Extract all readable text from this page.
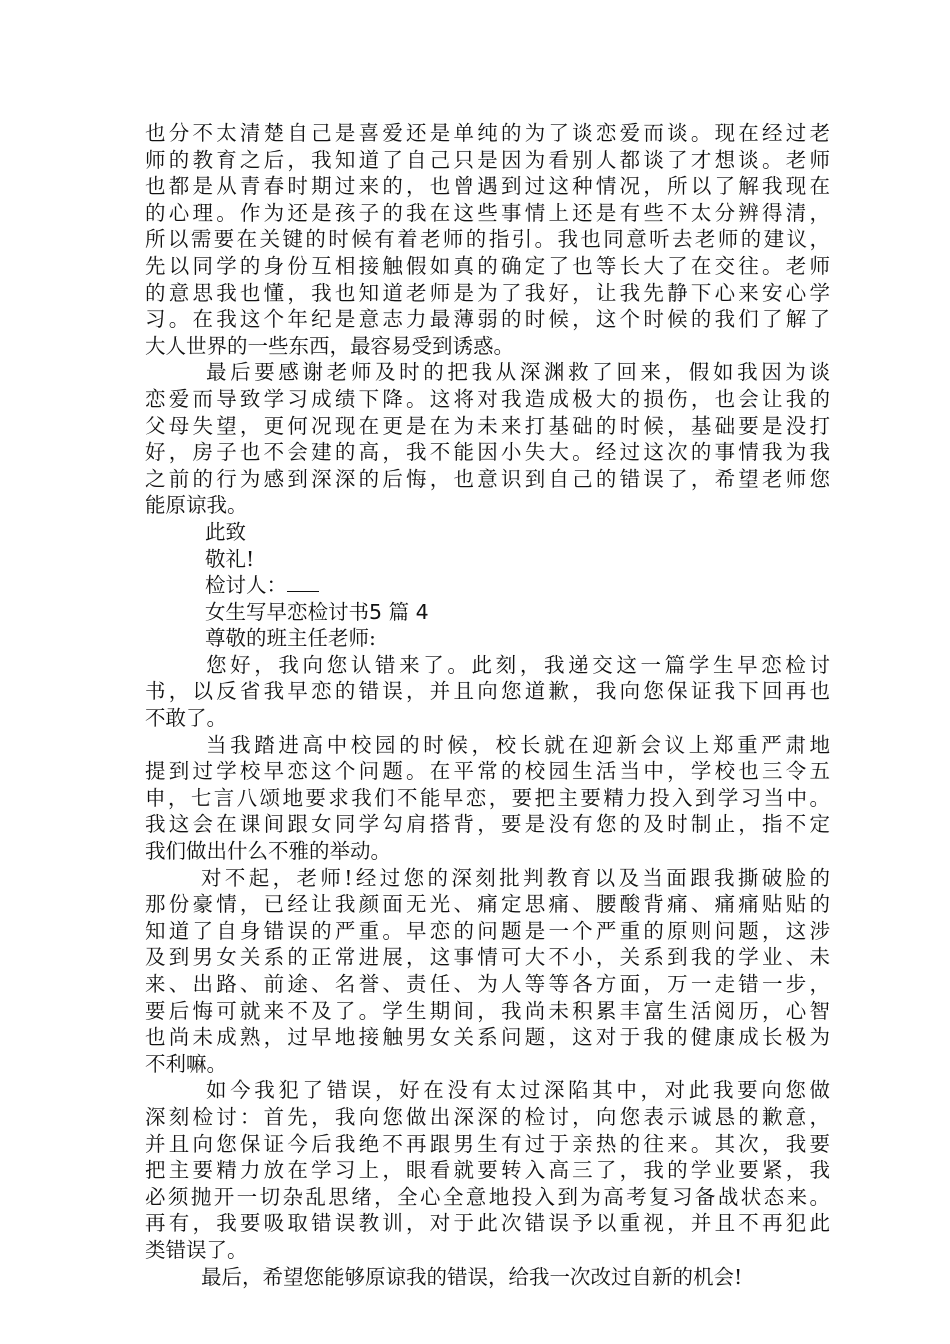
也分不太清楚自己是喜爱还是单纯的为了谈恋爱而谈。现在经过老
师的教育之后，我知道了自己只是因为看别人都谈了才想谈。老师
也都是从青春时期过来的，也曾遇到过这种情况，所以了解我现在
的心理。作为还是孩子的我在这些事情上还是有些不太分辨得清，
所以需要在关键的时候有着老师的指引。我也同意听去老师的建议，
先以同学的身份互相接触假如真的确定了也等长大了在交往。老师
的意思我也懂，我也知道老师是为了我好，让我先静下心来安心学
习。在我这个年纪是意志力最薄弱的时候，这个时候的我们了解了
大人世界的一些东西，最容易受到诱惑。
最后要感谢老师及时的把我从深渊救了回来，假如我因为谈
恋爱而导致学习成绩下降。这将对我造成极大的损伤，也会让我的
父母失望，更何况现在更是在为未来打基础的时候，基础要是没打
好，房子也不会建的高，我不能因小失大。经过这次的事情我为我
之前的行为感到深深的后悔，也意识到自己的错误了，希望老师您
能原谅我。
此致
敬礼!
检讨人：
女生写早恋检讨书5 篇 4
尊敬的班主任老师:
您好，我向您认错来了。此刻，我递交这一篇学生早恋检讨
书，以反省我早恋的错误，并且向您道歉，我向您保证我下回再也
不敢了。
当我踏进高中校园的时候，校长就在迎新会议上郑重严肃地
提到过学校早恋这个问题。在平常的校园生活当中，学校也三令五
申，七言八颂地要求我们不能早恋，要把主要精力投入到学习当中。
我这会在课间跟女同学勾肩搭背，要是没有您的及时制止，指不定
我们做出什么不雅的举动。
对不起，老师!经过您的深刻批判教育以及当面跟我撕破脸的
那份豪情，已经让我颜面无光、痛定思痛、腰酸背痛、痛痛贴贴的
知道了自身错误的严重。早恋的问题是一个严重的原则问题，这涉
及到男女关系的正常进展，这事情可大不小，关系到我的学业、未
来、出路、前途、名誉、责任、为人等等各方面，万一走错一步，
要后悔可就来不及了。学生期间，我尚未积累丰富生活阅历，心智
也尚未成熟，过早地接触男女关系问题，这对于我的健康成长极为
不利嘛。
如今我犯了错误，好在没有太过深陷其中，对此我要向您做
深刻检讨：首先，我向您做出深深的检讨，向您表示诚恳的歉意，
并且向您保证今后我绝不再跟男生有过于亲热的往来。其次，我要
把主要精力放在学习上，眼看就要转入高三了，我的学业要紧，我
必须抛开一切杂乱思绪，全心全意地投入到为高考复习备战状态来。
再有，我要吸取错误教训，对于此次错误予以重视，并且不再犯此
类错误了。
最后，希望您能够原谅我的错误，给我一次改过自新的机会!
